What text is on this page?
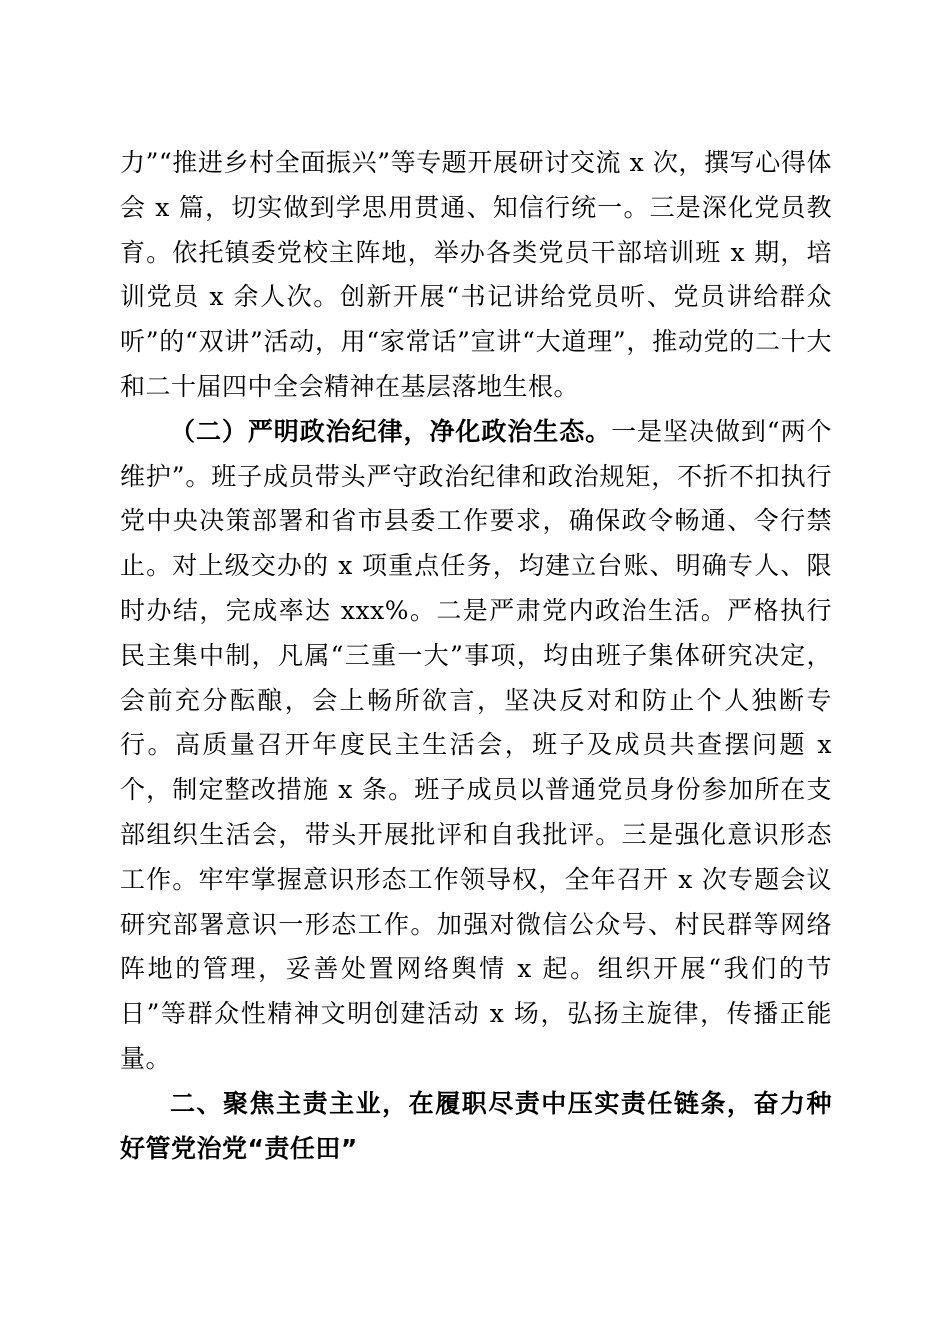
力”“推进乡村全面振兴”等专题开展研讨交流 x 次，撰写心得体会 x 篇，切实做到学思用贯通、知信行统一。三是深化党员教育。依托镇委党校主阵地，举办各类党员干部培训班 x 期，培训党员 x 余人次。创新开展“书记讲给党员听、党员讲给群众听”的“双讲”活动，用“家常话”宣讲“大道理”，推动党的二十大和二十届四中全会精神在基层落地生根。

（二）严明政治纪律，净化政治生态。一是坚决做到“两个维护”。班子成员带头严守政治纪律和政治规矩，不折不扣执行党中央决策部署和省市县委工作要求，确保政令畅通、令行禁止。对上级交办的 x 项重点任务，均建立台账、明确专人、限时办结，完成率达 xxx%。二是严肃党内政治生活。严格执行民主集中制，凡属“三重一大”事项，均由班子集体研究决定，会前充分酝酿，会上畅所欲言，坚决反对和防止个人独断专行。高质量召开年度民主生活会，班子及成员共查摆问题 x 个，制定整改措施 x 条。班子成员以普通党员身份参加所在支部组织生活会，带头开展批评和自我批评。三是强化意识形态工作。牢牢掌握意识形态工作领导权，全年召开 x 次专题会议研究部署意识一形态工作。加强对微信公众号、村民群等网络阵地的管理，妥善处置网络舆情 x 起。组织开展“我们的节日”等群众性精神文明创建活动 x 场，弘扬主旋律，传播正能量。

二、聚焦主责主业，在履职尽责中压实责任链条，奋力种好管党治党“责任田”
